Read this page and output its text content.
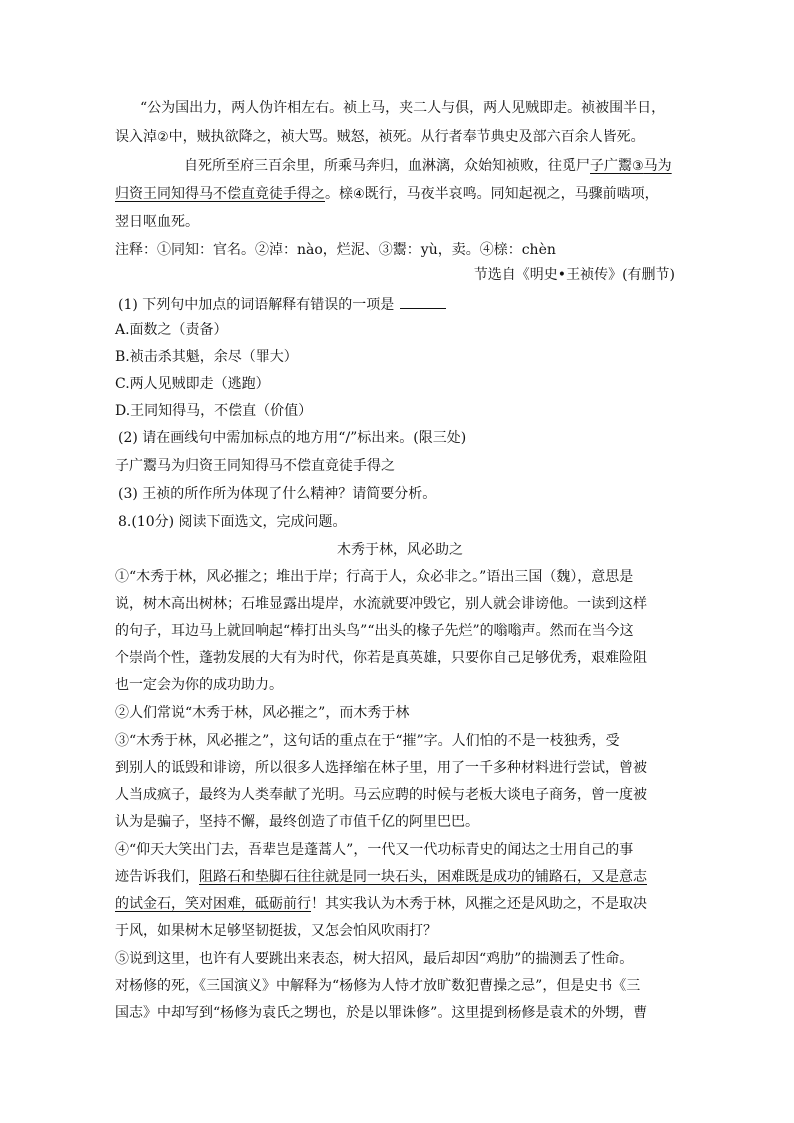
“公为国出力，两人伪许相左右。祯上马，夹二人与俱，两人见贼即走。祯被围半日，
误入淖②中，贼执欲降之，祯大骂。贼怒，祯死。从行者奉节典史及部六百余人皆死。
自死所至府三百余里，所乘马奔归，血淋漓，众始知祯败，往觅尸子广鬻③马为
归资王同知得马不偿直竟徒手得之。榇④既行，马夜半哀鸣。同知起视之，马骤前啮项，
翌日呕血死。
注释：①同知：官名。②淖：nào，烂泥、③鬻：yù，卖。④榇：chèn
节选自《明史•王祯传》(有删节)
(1) 下列句中加点的词语解释有错误的一项是
A.面数之（责备）
B.祯击杀其魁，余尽（罪大）
C.两人见贼即走（逃跑）
D.王同知得马，不偿直（价值）
(2) 请在画线句中需加标点的地方用“/”标出来。(限三处)
子广鬻马为归资王同知得马不偿直竟徒手得之
(3) 王祯的所作所为体现了什么精神？请简要分析。
8.(10分) 阅读下面选文，完成问题。
木秀于林，风必助之
①“木秀于林，风必摧之；堆出于岸；行高于人，众必非之。”语出三国（魏），意思是
说，树木高出树林；石堆显露出堤岸，水流就要冲毁它，别人就会诽谤他。一读到这样
的句子，耳边马上就回响起“棒打出头鸟”“出头的椽子先烂”的嗡嗡声。然而在当今这
个崇尚个性，蓬勃发展的大有为时代，你若是真英雄，只要你自己足够优秀，艰难险阻
也一定会为你的成功助力。
②人们常说“木秀于林，风必摧之”，而木秀于林
③“木秀于林，风必摧之”，这句话的重点在于“摧”字。人们怕的不是一枝独秀，受
到别人的诋毁和诽谤，所以很多人选择缩在林子里，用了一千多种材料进行尝试，曾被
人当成疯子，最终为人类奉献了光明。马云应聘的时候与老板大谈电子商务，曾一度被
认为是骗子，坚持不懈，最终创造了市值千亿的阿里巴巴。
④“仰天大笑出门去，吾辈岂是蓬蒿人”，一代又一代功标青史的闻达之士用自己的事
迹告诉我们，阻路石和垫脚石往往就是同一块石头，困难既是成功的铺路石，又是意志
的试金石，笑对困难，砥砺前行！其实我认为木秀于林，风摧之还是风助之，不是取决
于风，如果树木足够坚韧挺拔，又怎会怕风吹雨打？
⑤说到这里，也许有人要跳出来表态，树大招风，最后却因“鸡肋”的揣测丢了性命。
对杨修的死，《三国演义》中解释为“杨修为人恃才放旷数犯曹操之忌”，但是史书《三
国志》中却写到“杨修为袁氏之甥也，於是以罪诛修”。这里提到杨修是袁术的外甥，曹
